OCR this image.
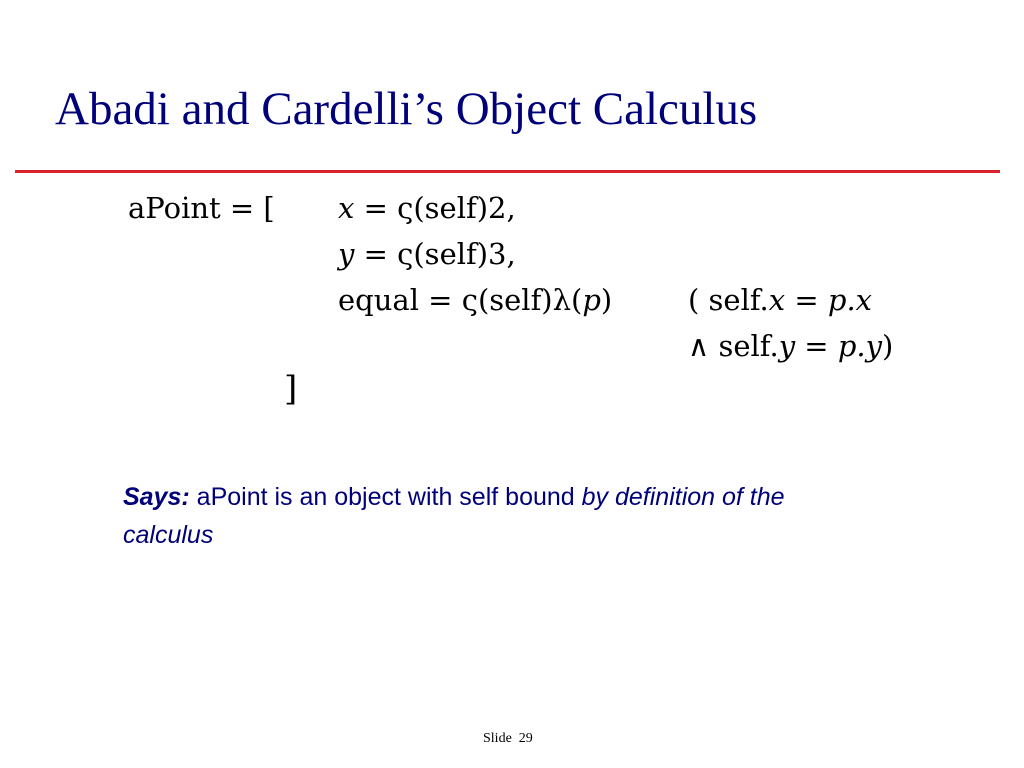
Abadi and Cardelli’s Object Calculus
aPoint = [ x = ς(self)2,
y = ς(self)3,
equal = ς(self)λ(p)	( self.x = p.x
∧ self.y = p.y)
]
Says: aPoint is an object with self bound by definition of the calculus
Slide 29
